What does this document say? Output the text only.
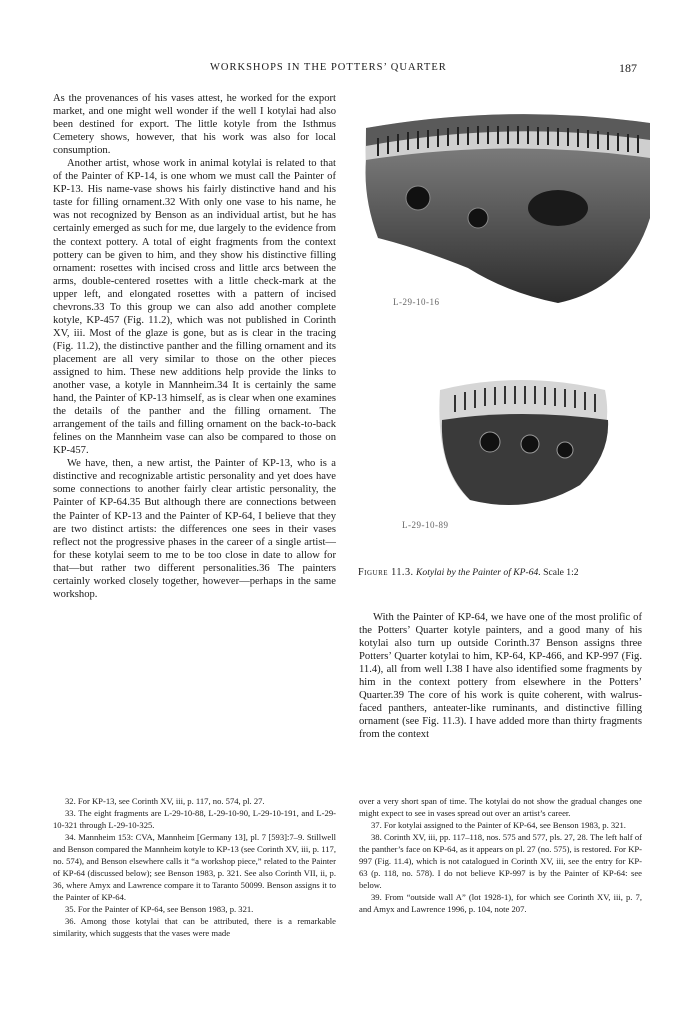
WORKSHOPS IN THE POTTERS’ QUARTER	187

As the provenances of his vases attest, he worked for the export market, and one might well wonder if the well I kotylai had also been destined for export. The little kotyle from the Isthmus Cemetery shows, however, that his work was also for local consumption.

Another artist, whose work in animal kotylai is related to that of the Painter of KP-14, is one whom we must call the Painter of KP-13. His name-vase shows his fairly distinctive hand and his taste for filling ornament.32 With only one vase to his name, he was not recognized by Benson as an individual artist, but he has certainly emerged as such for me, due largely to the evidence from the context pottery. A total of eight fragments from the context pottery can be given to him, and they show his distinctive filling ornament: rosettes with incised cross and little arcs between the arms, double-centered rosettes with a little check-mark at the upper left, and elongated rosettes with a pattern of incised chevrons.33 To this group we can also add another complete kotyle, KP-457 (Fig. 11.2), which was not published in Corinth XV, iii. Most of the glaze is gone, but as is clear in the tracing (Fig. 11.2), the distinctive panther and the filling ornament and its placement are all very similar to those on the other pieces assigned to him. These new additions help provide the links to another vase, a kotyle in Mannheim.34 It is certainly the same hand, the Painter of KP-13 himself, as is clear when one examines the details of the panther and the filling ornament. The arrangement of the tails and filling ornament on the back-to-back felines on the Mannheim vase can also be compared to those on KP-457.

We have, then, a new artist, the Painter of KP-13, who is a distinctive and recognizable artistic personality and yet does have some connections to another fairly clear artistic personality, the Painter of KP-64.35 But although there are connections between the Painter of KP-13 and the Painter of KP-64, I believe that they are two distinct artists: the differences one sees in their vases reflect not the progressive phases in the career of a single artist—for these kotylai seem to me to be too close in date to allow for that—but rather two different personalities.36 The painters certainly worked closely together, however—perhaps in the same workshop.

L-29-10-16
L-29-10-89
Figure 11.3. Kotylai by the Painter of KP-64. Scale 1:2

With the Painter of KP-64, we have one of the most prolific of the Potters’ Quarter kotyle painters, and a good many of his kotylai also turn up outside Corinth.37 Benson assigns three Potters’ Quarter kotylai to him, KP-64, KP-466, and KP-997 (Fig. 11.4), all from well I.38 I have also identified some fragments by him in the context pottery from elsewhere in the Potters’ Quarter.39 The core of his work is quite coherent, with walrus-faced panthers, anteater-like ruminants, and distinctive filling ornament (see Fig. 11.3). I have added more than thirty fragments from the context

32. For KP-13, see Corinth XV, iii, p. 117, no. 574, pl. 27.

33. The eight fragments are L-29-10-88, L-29-10-90, L-29-10-191, and L-29-10-321 through L-29-10-325.

34. Mannheim 153: CVA, Mannheim [Germany 13], pl. 7 [593]:7–9. Stillwell and Benson compared the Mannheim kotyle to KP-13 (see Corinth XV, iii, p. 117, no. 574), and Benson elsewhere calls it “a workshop piece,” related to the Painter of KP-64 (discussed below); see Benson 1983, p. 321. See also Corinth VII, ii, p. 36, where Amyx and Lawrence compare it to Taranto 50099. Benson assigns it to the Painter of KP-64.

35. For the Painter of KP-64, see Benson 1983, p. 321.

36. Among those kotylai that can be attributed, there is a remarkable similarity, which suggests that the vases were made

over a very short span of time. The kotylai do not show the gradual changes one might expect to see in vases spread out over an artist’s career.

37. For kotylai assigned to the Painter of KP-64, see Benson 1983, p. 321.

38. Corinth XV, iii, pp. 117–118, nos. 575 and 577, pls. 27, 28. The left half of the panther’s face on KP-64, as it appears on pl. 27 (no. 575), is restored. For KP-997 (Fig. 11.4), which is not catalogued in Corinth XV, iii, see the entry for KP-63 (p. 118, no. 578). I do not believe KP-997 is by the Painter of KP-64: see below.

39. From “outside wall A” (lot 1928-1), for which see Corinth XV, iii, p. 7, and Amyx and Lawrence 1996, p. 104, note 207.
